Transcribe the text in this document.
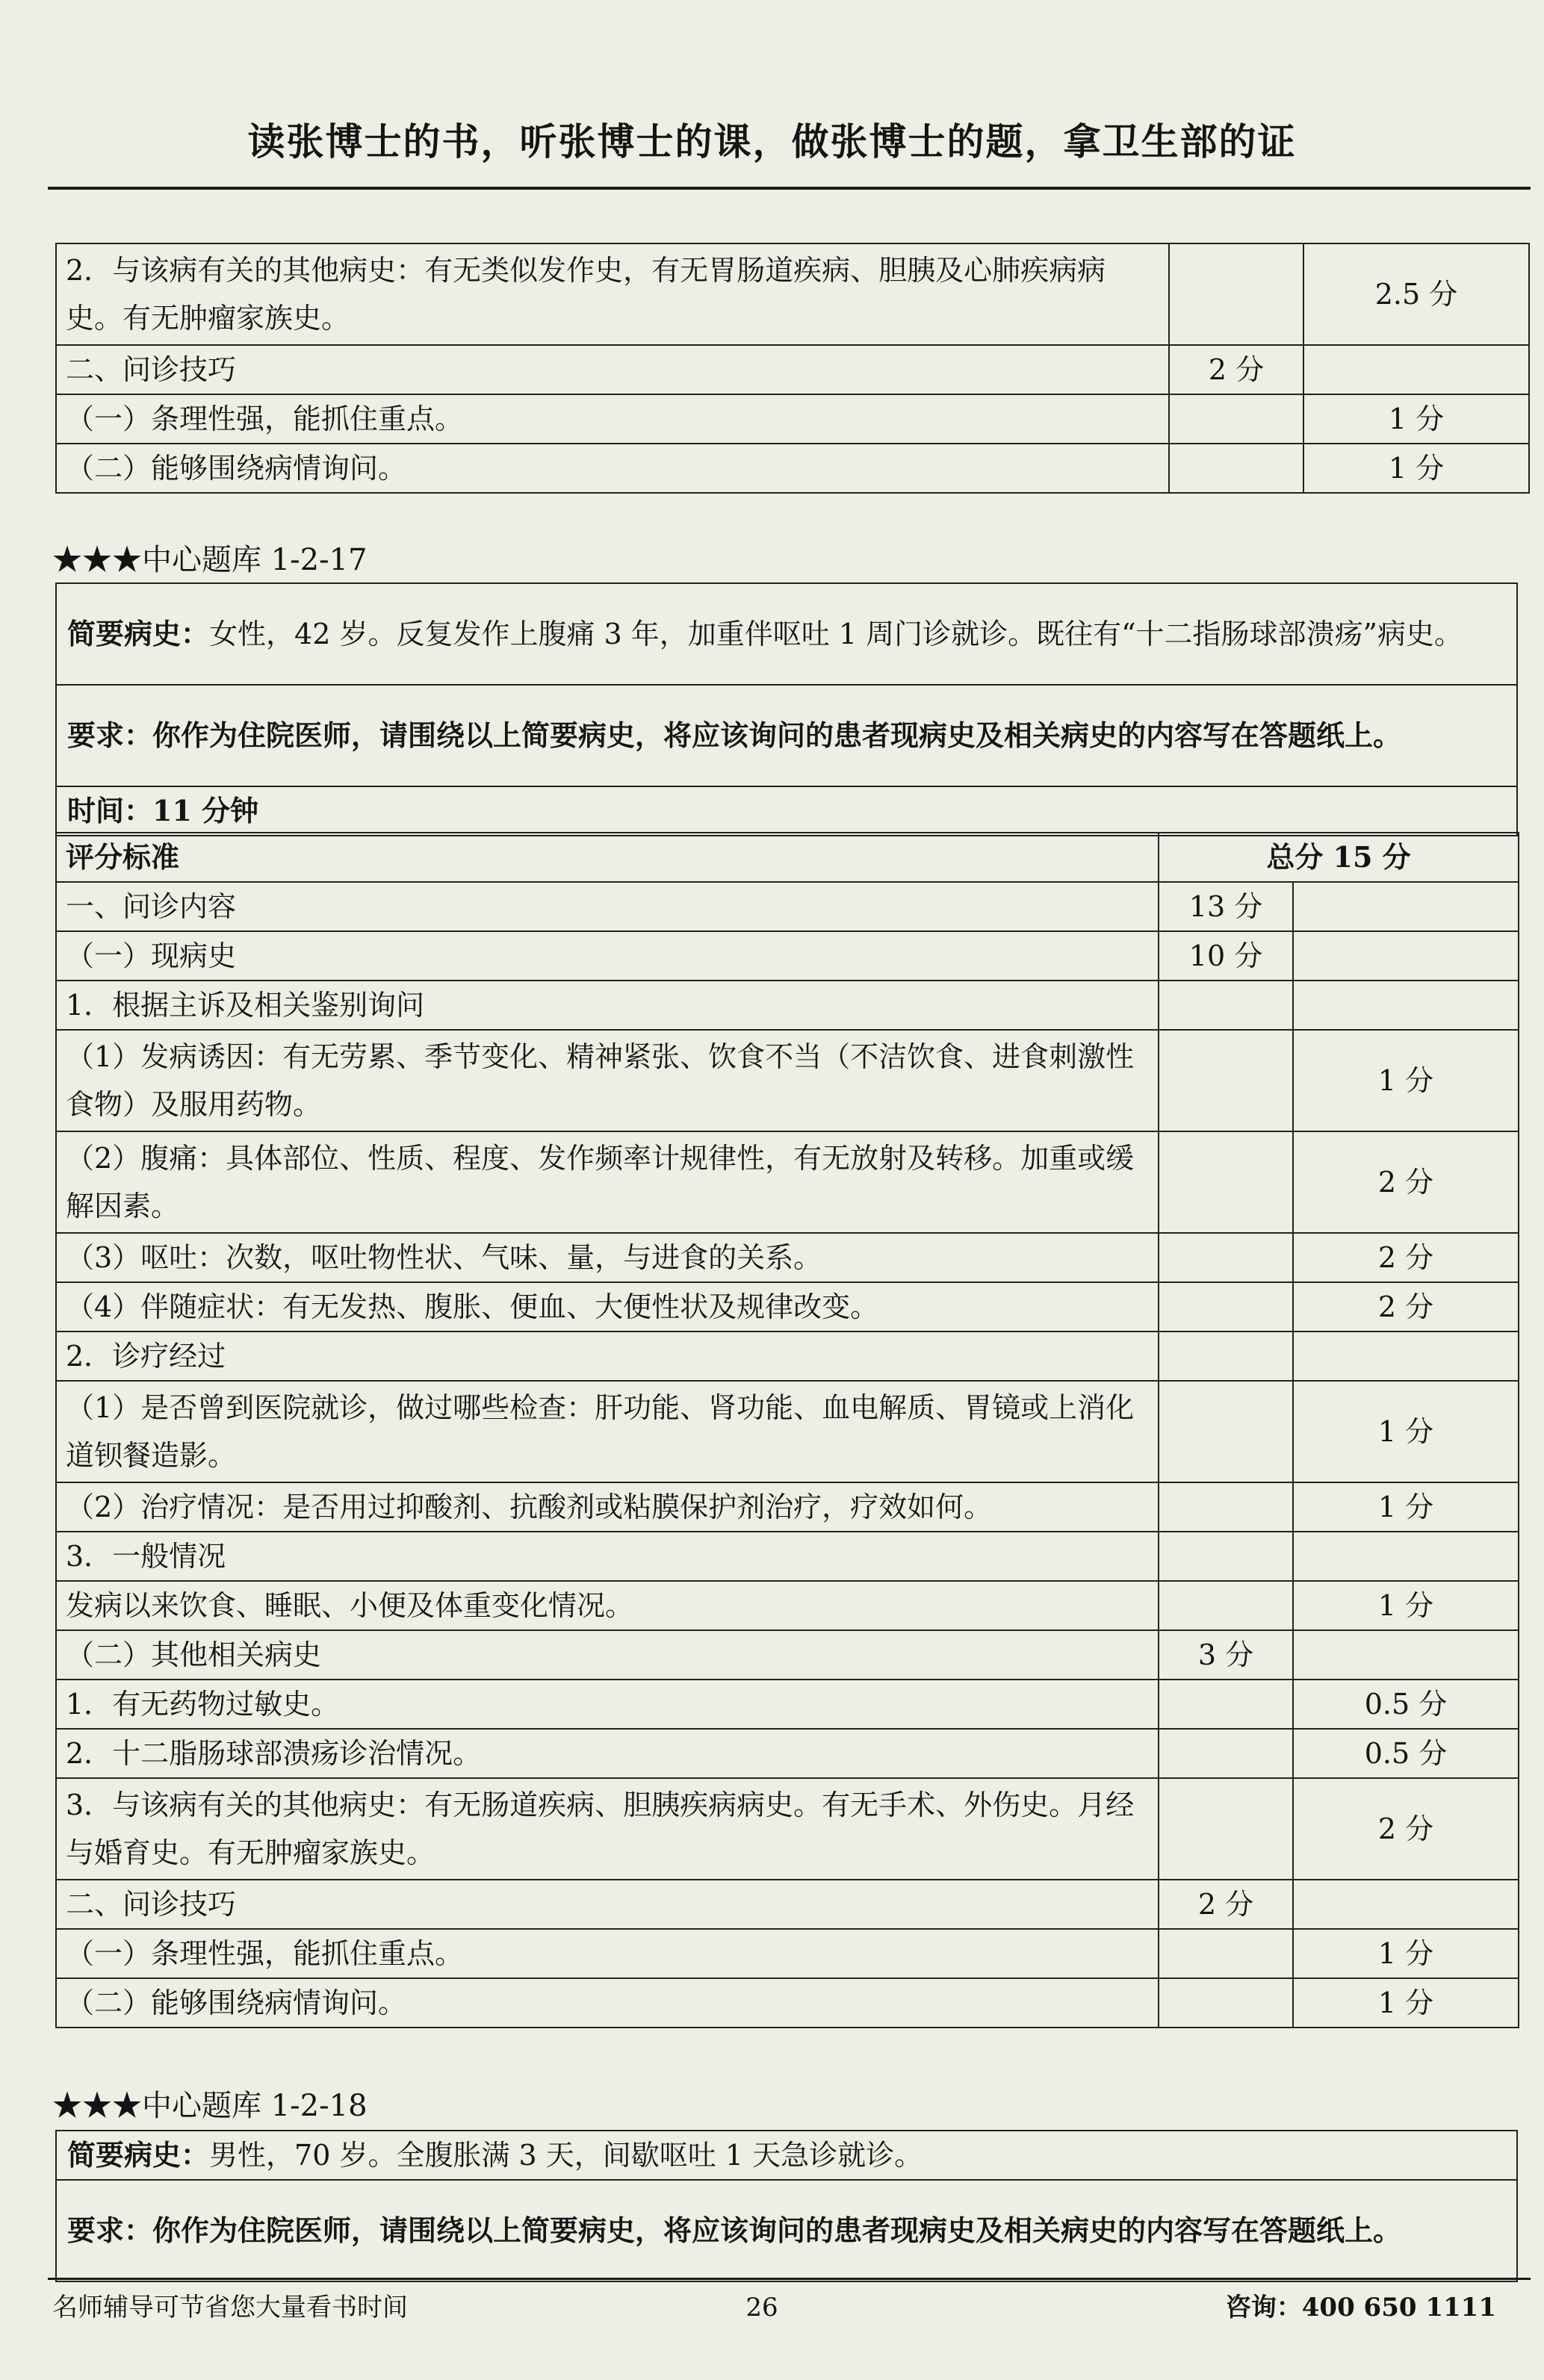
读张博士的书，听张博士的课，做张博士的题，拿卫生部的证
2．与该病有关的其他病史：有无类似发作史，有无胃肠道疾病、胆胰及心肺疾病病史。有无肿瘤家族史。		2.5 分
二、问诊技巧	2 分	
（一）条理性强，能抓住重点。		1 分
（二）能够围绕病情询问。		1 分
★★★中心题库 1-2-17
简要病史：女性，42 岁。反复发作上腹痛 3 年，加重伴呕吐 1 周门诊就诊。既往有“十二指肠球部溃疡”病史。
要求：你作为住院医师，请围绕以上简要病史，将应该询问的患者现病史及相关病史的内容写在答题纸上。
时间：11 分钟
评分标准	总分 15 分	
一、问诊内容	13 分	
（一）现病史	10 分	
1．根据主诉及相关鉴别询问		
（1）发病诱因：有无劳累、季节变化、精神紧张、饮食不当（不洁饮食、进食刺激性食物）及服用药物。		1 分
（2）腹痛：具体部位、性质、程度、发作频率计规律性，有无放射及转移。加重或缓解因素。		2 分
（3）呕吐：次数，呕吐物性状、气味、量，与进食的关系。		2 分
（4）伴随症状：有无发热、腹胀、便血、大便性状及规律改变。		2 分
2．诊疗经过		
（1）是否曾到医院就诊，做过哪些检查：肝功能、肾功能、血电解质、胃镜或上消化道钡餐造影。		1 分
（2）治疗情况：是否用过抑酸剂、抗酸剂或粘膜保护剂治疗，疗效如何。		1 分
3．一般情况		
发病以来饮食、睡眠、小便及体重变化情况。		1 分
（二）其他相关病史	3 分	
1．有无药物过敏史。		0.5 分
2．十二脂肠球部溃疡诊治情况。		0.5 分
3．与该病有关的其他病史：有无肠道疾病、胆胰疾病病史。有无手术、外伤史。月经与婚育史。有无肿瘤家族史。		2 分
二、问诊技巧	2 分	
（一）条理性强，能抓住重点。		1 分
（二）能够围绕病情询问。		1 分
★★★中心题库 1-2-18
简要病史：男性，70 岁。全腹胀满 3 天，间歇呕吐 1 天急诊就诊。
要求：你作为住院医师，请围绕以上简要病史，将应该询问的患者现病史及相关病史的内容写在答题纸上。
名师辅导可节省您大量看书时间	26	咨询：400 650 1111
